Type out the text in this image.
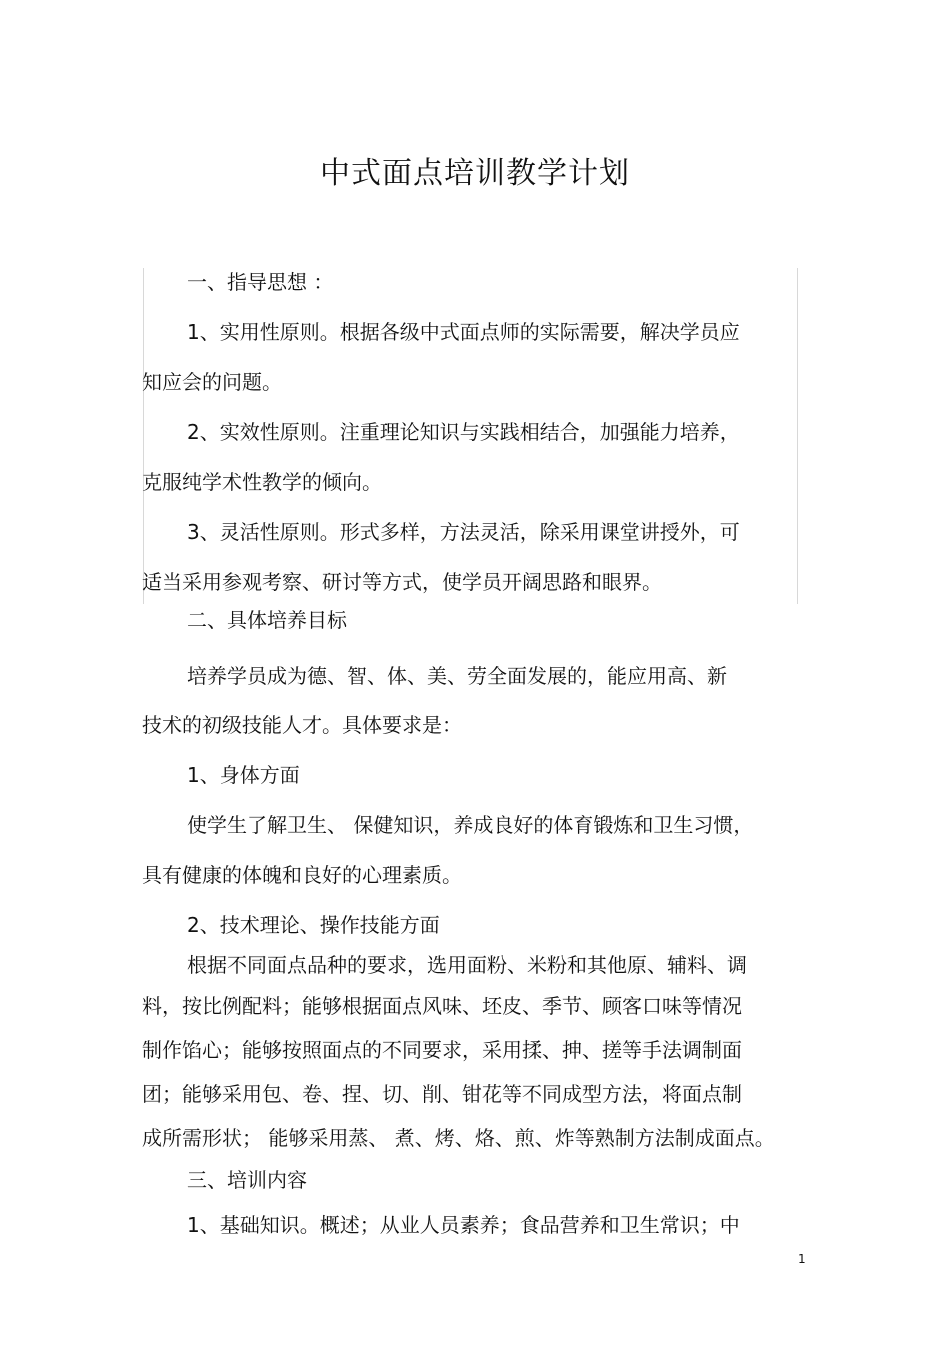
中式面点培训教学计划

一、指导思想 ：

1、实用性原则。根据各级中式面点师的实际需要，解决学员应

知应会的问题。

2、实效性原则。注重理论知识与实践相结合，加强能力培养，

克服纯学术性教学的倾向。

3、灵活性原则。形式多样，方法灵活，除采用课堂讲授外，可

适当采用参观考察、研讨等方式，使学员开阔思路和眼界。

二、具体培养目标

培养学员成为德、智、体、美、劳全面发展的，能应用高、新

技术的初级技能人才。具体要求是：

1、身体方面

使学生了解卫生、 保健知识，养成良好的体育锻炼和卫生习惯，

具有健康的体魄和良好的心理素质。

2、技术理论、操作技能方面

根据不同面点品种的要求，选用面粉、米粉和其他原、辅料、调

料，按比例配料；能够根据面点风味、坯皮、季节、顾客口味等情况

制作馅心；能够按照面点的不同要求，采用揉、抻、搓等手法调制面

团；能够采用包、卷、捏、切、削、钳花等不同成型方法，将面点制

成所需形状； 能够采用蒸、 煮、烤、烙、煎、炸等熟制方法制成面点。

三、培训内容

1、基础知识。概述；从业人员素养；食品营养和卫生常识；中

1
